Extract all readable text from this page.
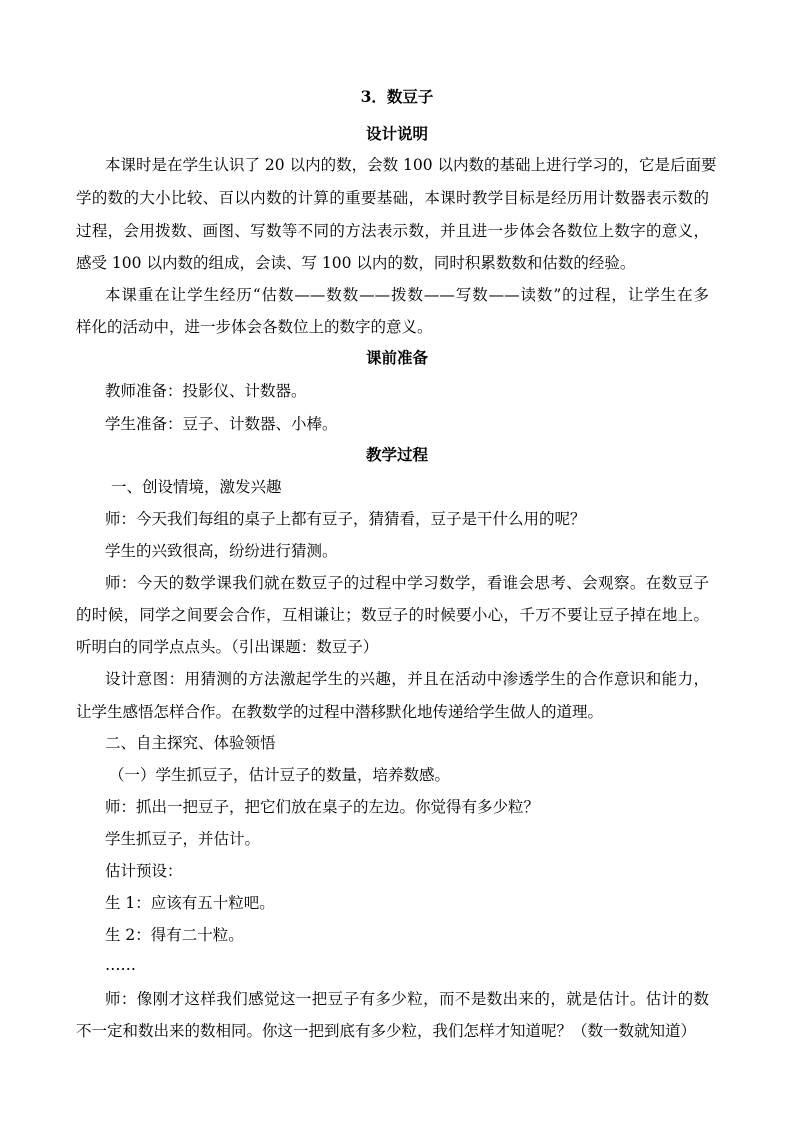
3．数豆子
设计说明
本课时是在学生认识了 20 以内的数，会数 100 以内数的基础上进行学习的，它是后面要
学的数的大小比较、百以内数的计算的重要基础，本课时教学目标是经历用计数器表示数的
过程，会用拨数、画图、写数等不同的方法表示数，并且进一步体会各数位上数字的意义，
感受 100 以内数的组成，会读、写 100 以内的数，同时积累数数和估数的经验。
本课重在让学生经历“估数——数数——拨数——写数——读数”的过程，让学生在多
样化的活动中，进一步体会各数位上的数字的意义。
课前准备
教师准备：投影仪、计数器。
学生准备：豆子、计数器、小棒。
教学过程
一、创设情境，激发兴趣
师：今天我们每组的桌子上都有豆子，猜猜看，豆子是干什么用的呢？
学生的兴致很高，纷纷进行猜测。
师：今天的数学课我们就在数豆子的过程中学习数学，看谁会思考、会观察。在数豆子
的时候，同学之间要会合作，互相谦让；数豆子的时候要小心，千万不要让豆子掉在地上。
听明白的同学点点头。（引出课题：数豆子）
设计意图：用猜测的方法激起学生的兴趣，并且在活动中渗透学生的合作意识和能力，
让学生感悟怎样合作。在教数学的过程中潜移默化地传递给学生做人的道理。
二、自主探究、体验领悟
（一）学生抓豆子，估计豆子的数量，培养数感。
师：抓出一把豆子，把它们放在桌子的左边。你觉得有多少粒？
学生抓豆子，并估计。
估计预设：
生 1：应该有五十粒吧。
生 2：得有二十粒。
……
师：像刚才这样我们感觉这一把豆子有多少粒，而不是数出来的，就是估计。估计的数
不一定和数出来的数相同。你这一把到底有多少粒，我们怎样才知道呢？（数一数就知道）
